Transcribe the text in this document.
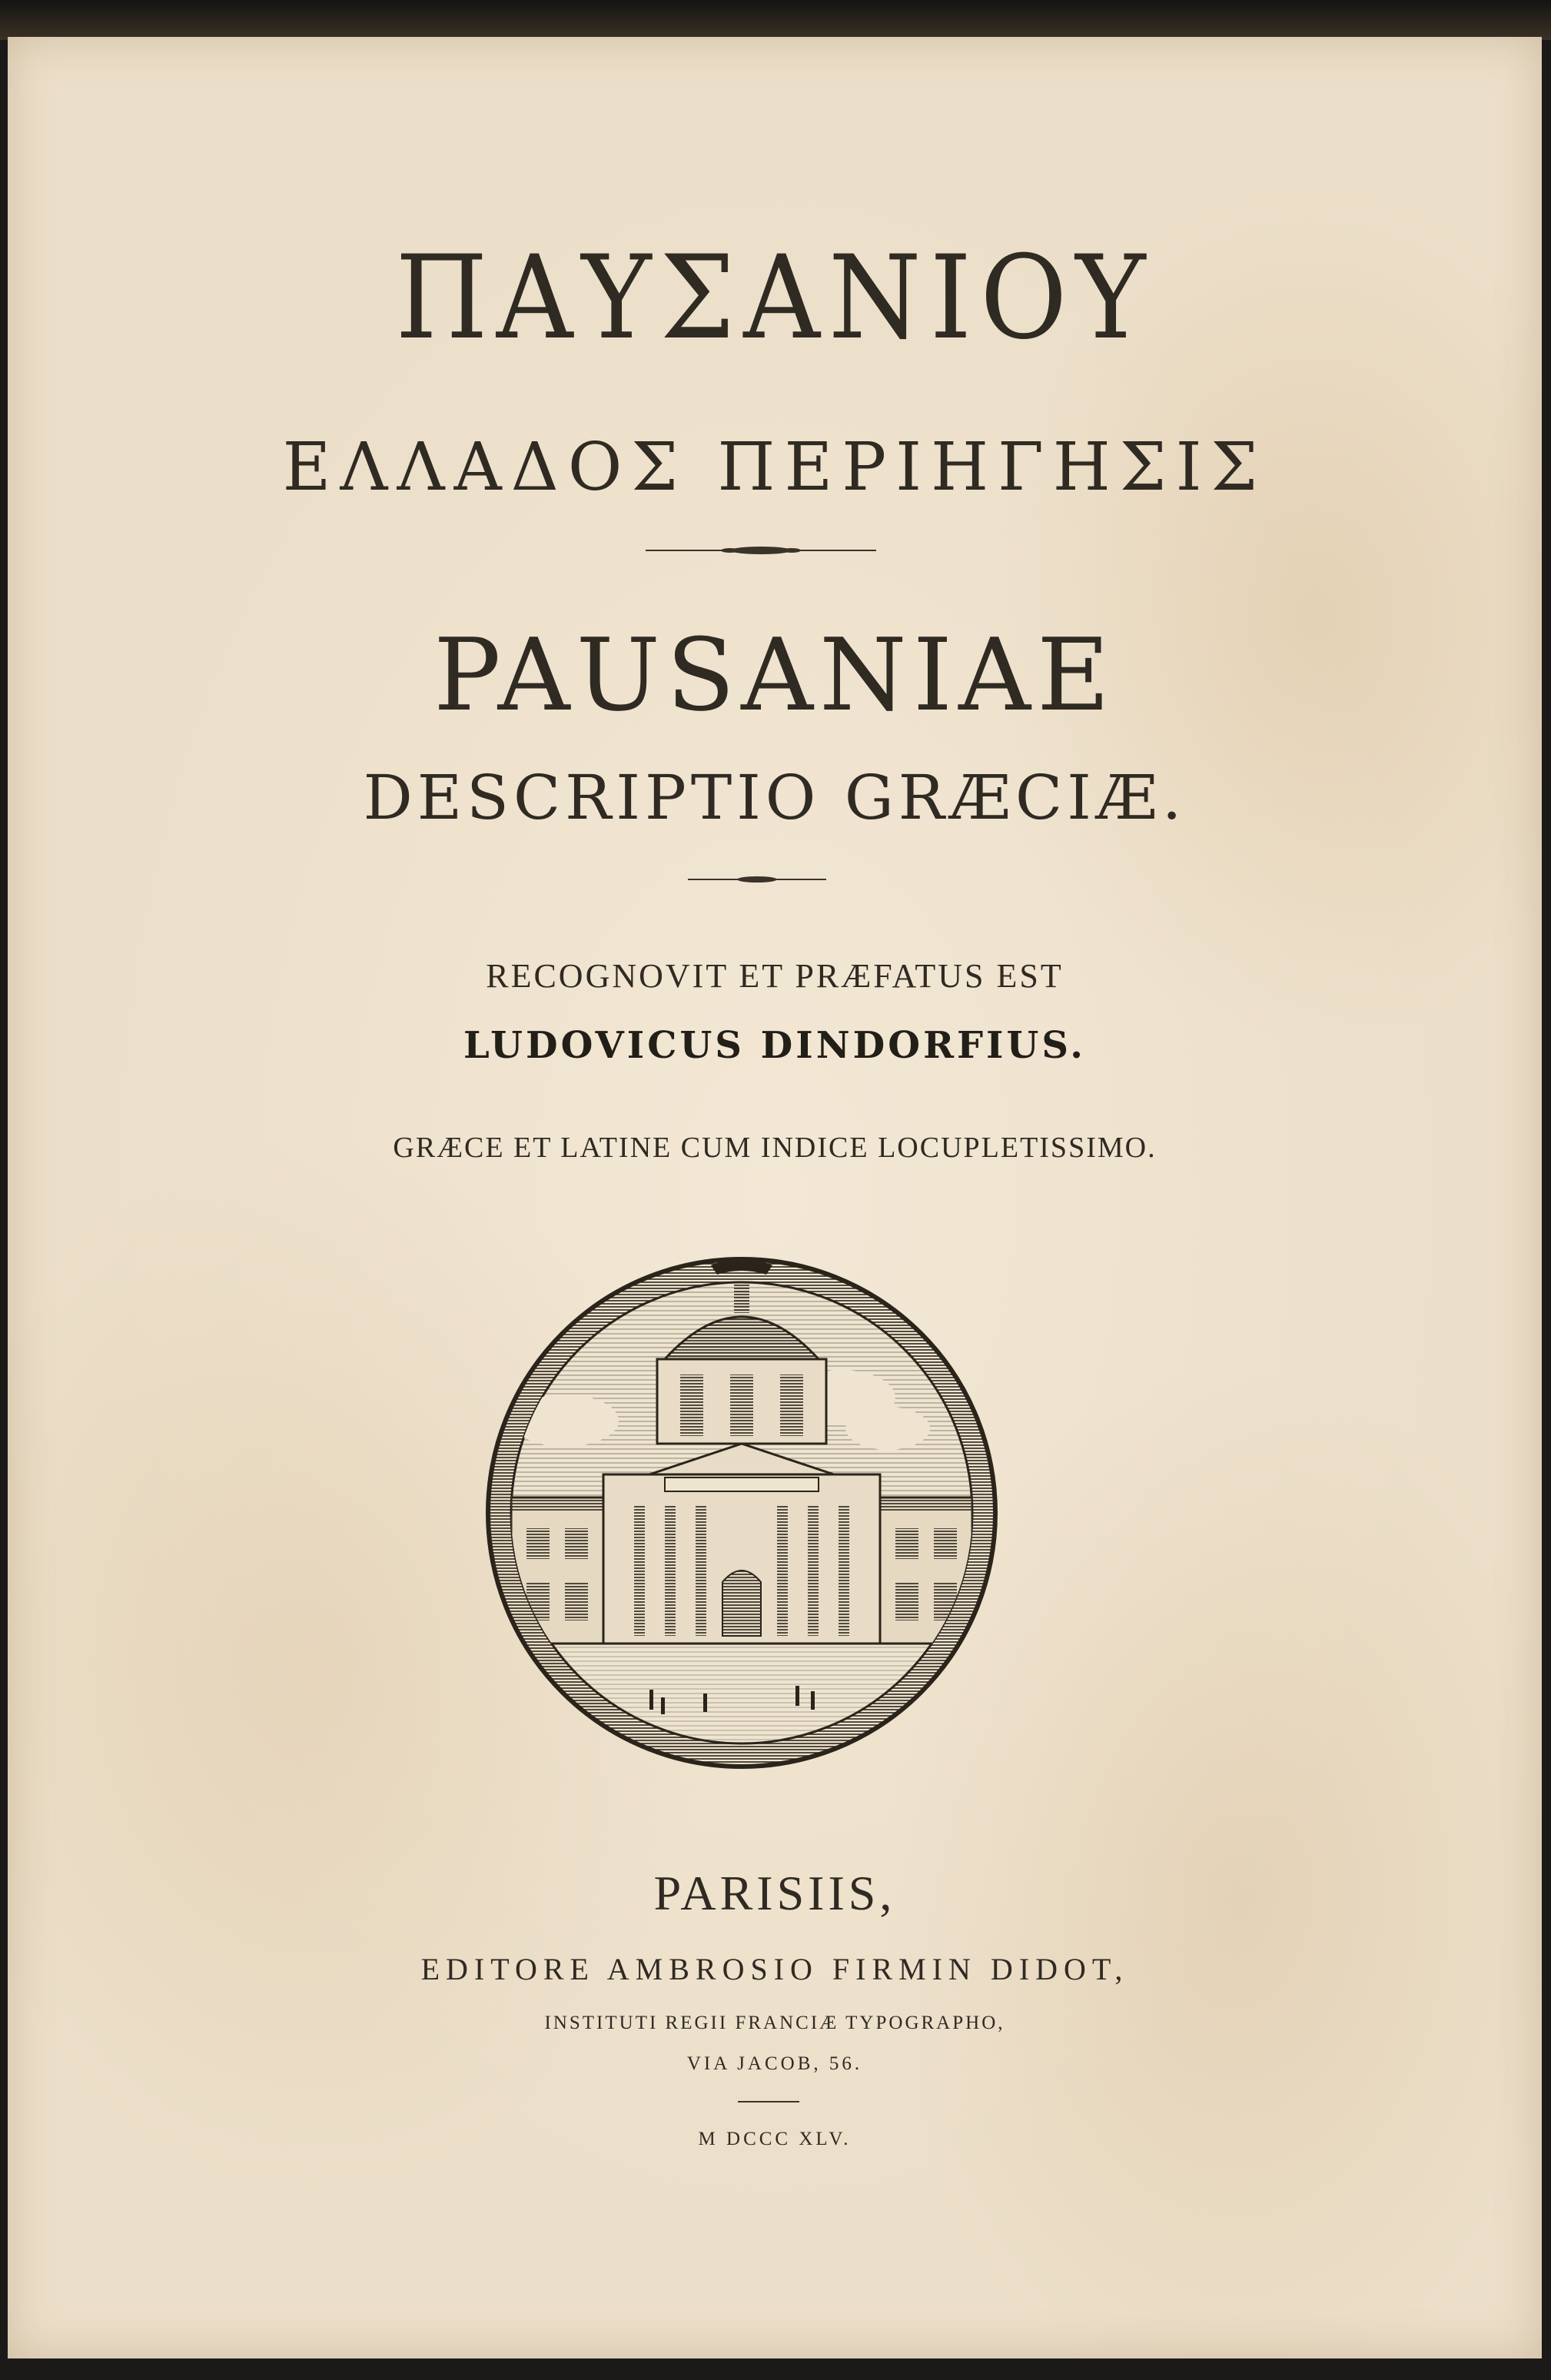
ΠΑΥΣΑΝΙΟΥ
ΕΛΛΑΔΟΣ ΠΕΡΙΗΓΗΣΙΣ
PAUSANIAE
DESCRIPTIO GRÆCIÆ.
RECOGNOVIT ET PRÆFATUS EST
LUDOVICUS DINDORFIUS.
GRÆCE ET LATINE CUM INDICE LOCUPLETISSIMO.
PARISIIS,
EDITORE AMBROSIO FIRMIN DIDOT,
INSTITUTI REGII FRANCIÆ TYPOGRAPHO,
VIA JACOB, 56.
M DCCC XLV.
